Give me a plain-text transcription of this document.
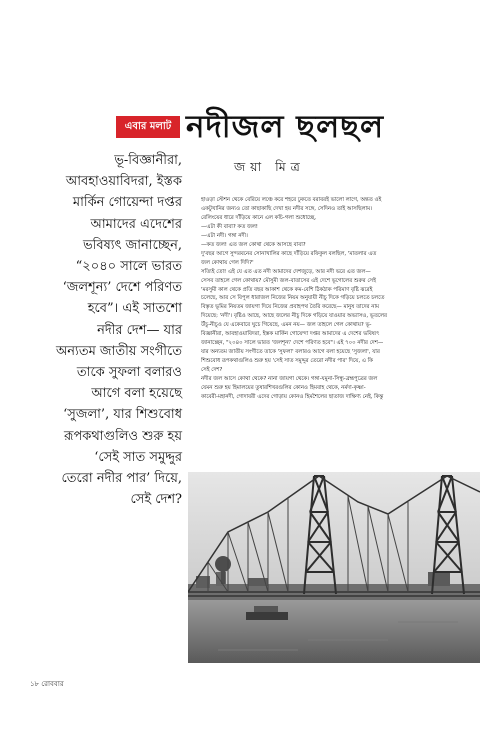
এবার মলাট নদীজল ছলছল
ভূ-বিজ্ঞানীরা,
আবহাওয়াবিদরা, ইস্তক
মার্কিন গোয়েন্দা দপ্তর
আমাদের এদেশের
ভবিষ্যৎ জানাচ্ছেন,
“২০৪০ সালে ভারত
‘জলশূন্য’ দেশে পরিণত
হবে”। এই সাতশো
নদীর দেশ— যার
অন্যতম জাতীয় সংগীতে
তাকে সুফলা বলারও
আগে বলা হয়েছে
‘সুজলা’, যার শিশুবোধ
রূপকথাগুলিও শুরু হয়
‘সেই সাত সমুদ্দুর
তেরো নদীর পার’ দিয়ে,
সেই দেশ?
জয়া মিত্র
হাওড়া স্টেশন থেকে বেরিয়ে লঞ্চে করে শহরে ঢুকতে বরাবরই ভালো লাগে, অন্তত ওই
একটুখানির জন্যও তো কাছাকাছি দেখা হয় নদীর সঙ্গে, সেদিনও তাই আসছিলাম।
রেলিংয়ের ধারে দাঁড়িয়ে কানে এল কচি-গলা শুধোচ্ছে,
—এটা কী বাবা? কত জল!
—এটা নদী। গঙ্গা নদী।
—কত জল! এত জল কোথা থেকে আসছে বাবা?
দু'বছর আগে সুন্দরবনের সোনাখালির কাছে দাঁড়িয়ে রফিকুল বলছিল, 'মাতলার এত
জল কোথায় গেল দিদি?'
সত্যিই তো! এই যে এত এত নদী আমাদের দেশজুড়ে, আর নদী ভরে এত জল—
সেসব তাহলে গেল কোথায়? মৌসুমী জল-বাতাসের এই দেশে ভূগোলের শুরুর সেই
'মরসুমী কাল থেকে প্রতি বছর আকাশ থেকে কম-বেশি ঠিকঠাক পরিমাণ বৃষ্টি ঝরেই
চলেছে, আর সে বিপুল ধারাজল নিজের নিয়ম অনুযায়ী নীচু দিকে গড়িয়ে চলতে চলতে
বিস্তৃত ভূমির নিয়তম জায়গা দিয়ে নিজের প্রবাহপথ তৈরি করেছে— মানুষ তাদের নাম
দিয়েছে: 'নদী'। বৃষ্টিও আছে, আছে জলের নীচু দিকে গড়িয়ে যাওয়ার অভ্যাসও, ভূতলের
উঁচু-নীচুও যে একেবারে ঘুচে গিয়েছে, এমন নয়— জল তাহলে গেল কোথায়? ভূ-
বিজ্ঞানীরা, আবহাওয়াবিদরা, ইস্তক মার্কিন গোয়েন্দা দপ্তর আমাদের এ দেশের ভবিষ্যৎ
জানাচ্ছেন, "২০৪০ সালে ভারত 'জলশূন্য' দেশে পরিণত হবে"। এই ৭০০ নদীর দেশ—
যার অন্যতম জাতীয় সংগীতে তাকে 'সুফলা' বলারও আগে বলা হয়েছে 'সুজলা', যার
শিশুবোধ রূপকথাগুলিও শুরু হয় 'সেই সাত সমুদ্দুর তেরো নদীর পার' দিয়ে, এ কি
সেই দেশ?
নদীর জল আসে কোথা থেকে? নানা জায়গা থেকে। গঙ্গা-যমুনা-সিন্ধু-ব্রহ্মপুত্রের জল
যেমন শুরু হয় হিমালয়ের তুষারশিখরগুলির কোনও হিমবাহ থেকে, নর্মদা-কৃষ্ণা-
কাবেরী-মহানদী, গোদাবরী এদের গোড়ায় কোনও হিমশৈলের ছাতাজ দাক্ষিণ্য নেই, কিন্তু
১৮ রোববার
